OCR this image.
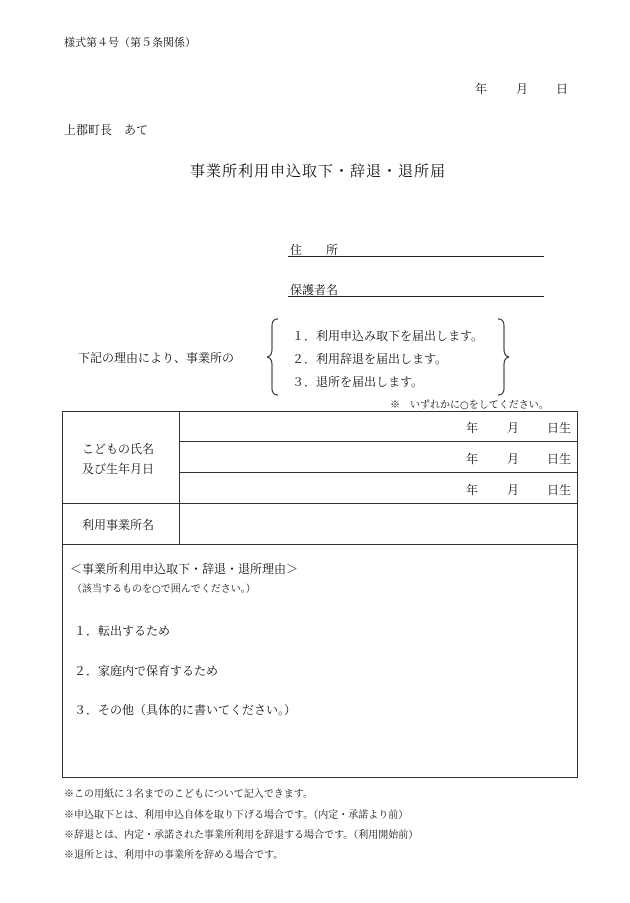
様式第４号（第５条関係）
年 月 日
上郡町長　あて
事業所利用申込取下・辞退・退所届
住　　所
保護者名
下記の理由により、事業所の
１．利用申込み取下を届出します。
２．利用辞退を届出します。
３．退所を届出します。
※　いずれかに○をしてください。
こどもの氏名
及び生年月日
年 月 日生
年 月 日生
年 月 日生
利用事業所名
＜事業所利用申込取下・辞退・退所理由＞
（該当するものを○で囲んでください。）
１．転出するため
２．家庭内で保育するため
３．その他（具体的に書いてください。）
※この用紙に３名までのこどもについて記入できます。
※申込取下とは、利用申込自体を取り下げる場合です。（内定・承諾より前）
※辞退とは、内定・承諾された事業所利用を辞退する場合です。（利用開始前）
※退所とは、利用中の事業所を辞める場合です。
